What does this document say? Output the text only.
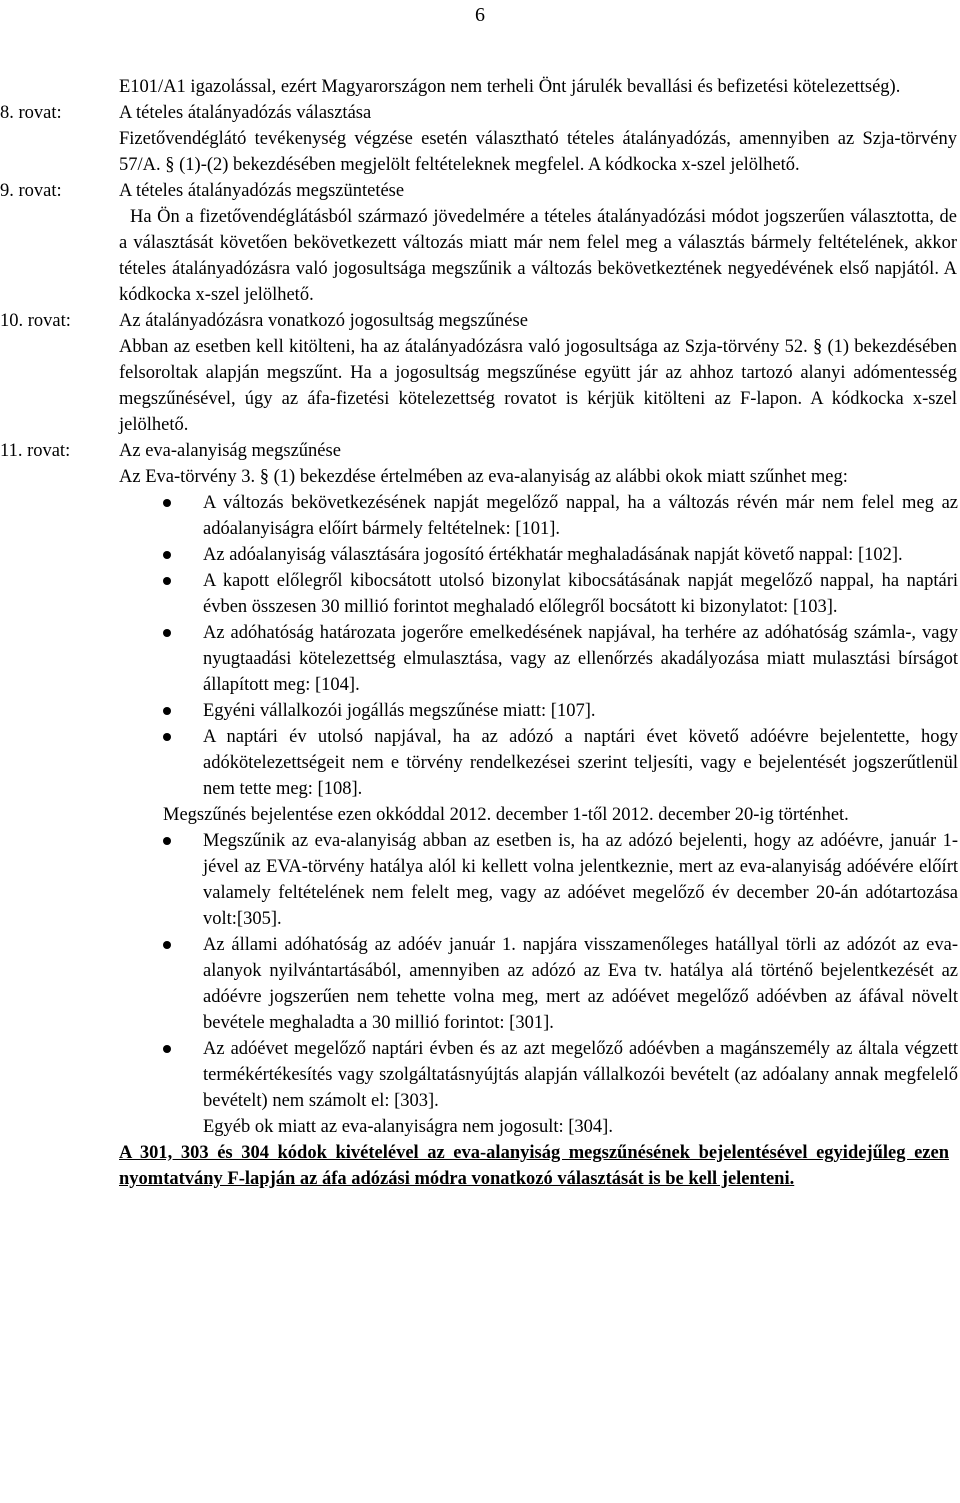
6
E101/A1 igazolással, ezért Magyarországon nem terheli Önt járulék bevallási és befizetési kötelezettség).
8. rovat:	A tételes átalányadózás választása
Fizetővendéglátó tevékenység végzése esetén választható tételes átalányadózás, amennyiben az Szja-törvény 57/A. § (1)-(2) bekezdésében megjelölt feltételeknek megfelel. A kódkocka x-szel jelölhető.
9. rovat:	A tételes átalányadózás megszüntetése
Ha Ön a fizetővendéglátásból származó jövedelmére a tételes átalányadózási módot jogszerűen választotta, de a választását követően bekövetkezett változás miatt már nem felel meg a választás bármely feltételének, akkor tételes átalányadózásra való jogosultsága megszűnik a változás bekövetkeztének negyedévének első napjától. A kódkocka x-szel jelölhető.
10. rovat:	Az átalányadózásra vonatkozó jogosultság megszűnése
Abban az esetben kell kitölteni, ha az átalányadózásra való jogosultsága az Szja-törvény 52. § (1) bekezdésében felsoroltak alapján megszűnt. Ha a jogosultság megszűnése együtt jár az ahhoz tartozó alanyi adómentesség megszűnésével, úgy az áfa-fizetési kötelezettség rovatot is kérjük kitölteni az F-lapon. A kódkocka x-szel jelölhető.
11. rovat:	Az eva-alanyiság megszűnése
Az Eva-törvény 3. § (1) bekezdése értelmében az eva-alanyiság az alábbi okok miatt szűnhet meg:
A változás bekövetkezésének napját megelőző nappal, ha a változás révén már nem felel meg az adóalanyiságra előírt bármely feltételnek: [101].
Az adóalanyiság választására jogosító értékhatár meghaladásának napját követő nappal: [102].
A kapott előlegről kibocsátott utolsó bizonylat kibocsátásának napját megelőző nappal, ha naptári évben összesen 30 millió forintot meghaladó előlegről bocsátott ki bizonylatot: [103].
Az adóhatóság határozata jogerőre emelkedésének napjával, ha terhére az adóhatóság számla-, vagy nyugtaadási kötelezettség elmulasztása, vagy az ellenőrzés akadályozása miatt mulasztási bírságot állapított meg: [104].
Egyéni vállalkozói jogállás megszűnése miatt: [107].
A naptári év utolsó napjával, ha az adózó a naptári évet követő adóévre bejelentette, hogy adókötelezettségeit nem e törvény rendelkezései szerint teljesíti, vagy e bejelentését jogszerűtlenül nem tette meg: [108].
Megszűnés bejelentése ezen okkóddal 2012. december 1-től 2012. december 20-ig történhet.
Megszűnik az eva-alanyiság abban az esetben is, ha az adózó bejelenti, hogy az adóévre, január 1-jével az EVA-törvény hatálya alól ki kellett volna jelentkeznie, mert az eva-alanyiság adóévére előírt valamely feltételének nem felelt meg, vagy az adóévet megelőző év december 20-án adótartozása volt:[305].
Az állami adóhatóság az adóév január 1. napjára visszamenőleges hatállyal törli az adózót az eva-alanyok nyilvántartásából, amennyiben az adózó az Eva tv. hatálya alá történő bejelentkezését az adóévre jogszerűen nem tehette volna meg, mert az adóévet megelőző adóévben az áfával növelt bevétele meghaladta a 30 millió forintot: [301].
Az adóévet megelőző naptári évben és az azt megelőző adóévben a magánszemély az általa végzett termékértékesítés vagy szolgáltatásnyújtás alapján vállalkozói bevételt (az adóalany annak megfelelő bevételt) nem számolt el: [303].
Egyéb ok miatt az eva-alanyiságra nem jogosult: [304].
A 301, 303 és 304 kódok kivételével az eva-alanyiság megszűnésének bejelentésével egyidejűleg ezen nyomtatvány F-lapján az áfa adózási módra vonatkozó választását is be kell jelenteni.
